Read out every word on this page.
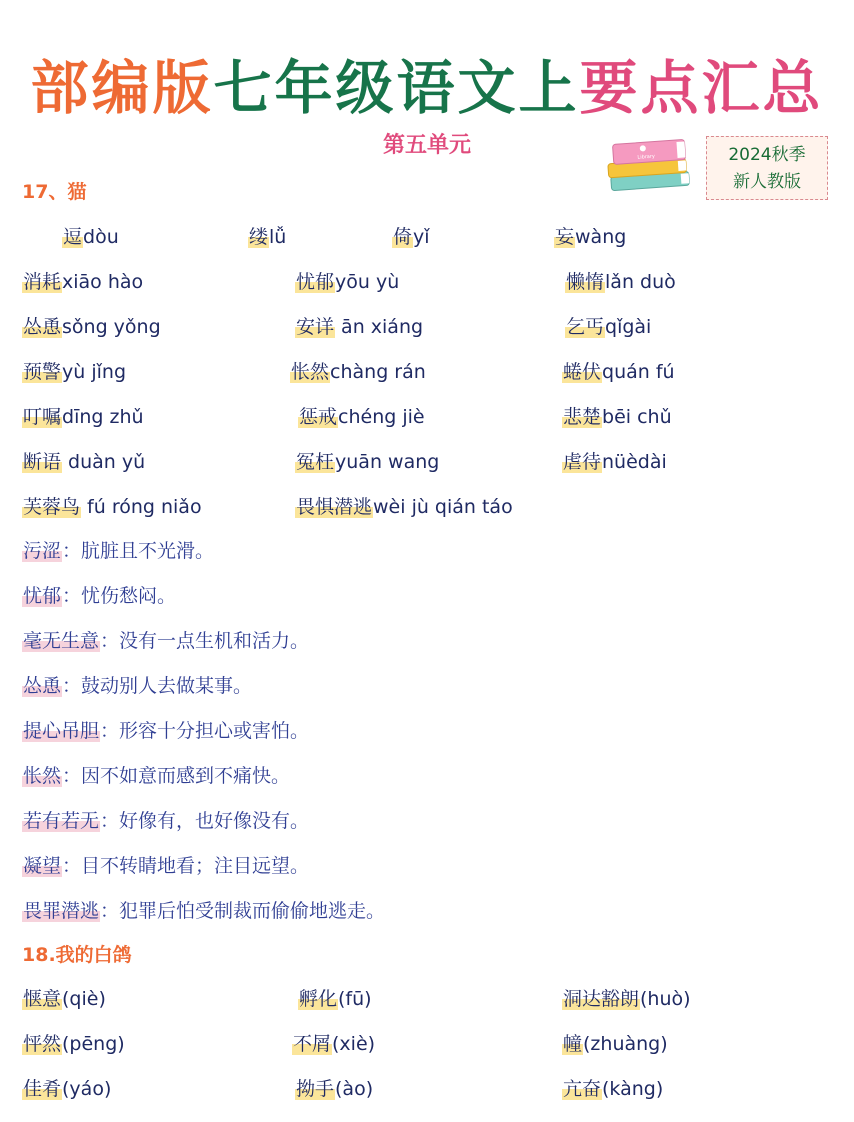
部编版七年级语文上要点汇总
第五单元	Library	2024秋季
新人教版
17、猫
逗dòu	缕lǚ	倚yǐ	妄wàng
消耗xiāo hào	忧郁yōu yù	懒惰lǎn duò
怂恿sǒng yǒng	安详 ān xiáng	乞丐qǐgài
预警yù jǐng	怅然chàng rán	蜷伏quán fú
叮嘱dīng zhǔ	惩戒chéng jiè	悲楚bēi chǔ
断语 duàn yǔ	冤枉yuān wang	虐待nüèdài
芙蓉鸟 fú róng niǎo	畏惧潜逃wèi jù qián táo
污涩：肮脏且不光滑。
忧郁：忧伤愁闷。
毫无生意：没有一点生机和活力。
怂恿：鼓动别人去做某事。
提心吊胆：形容十分担心或害怕。
怅然：因不如意而感到不痛快。
若有若无：好像有，也好像没有。
凝望：目不转睛地看；注目远望。
畏罪潜逃：犯罪后怕受制裁而偷偷地逃走。
18.我的白鸽
惬意(qiè)	孵化(fū)	洞达豁朗(huò)
怦然(pēng)	不屑(xiè)	幢(zhuàng)
佳肴(yáo)	拗手(ào)	亢奋(kàng)
